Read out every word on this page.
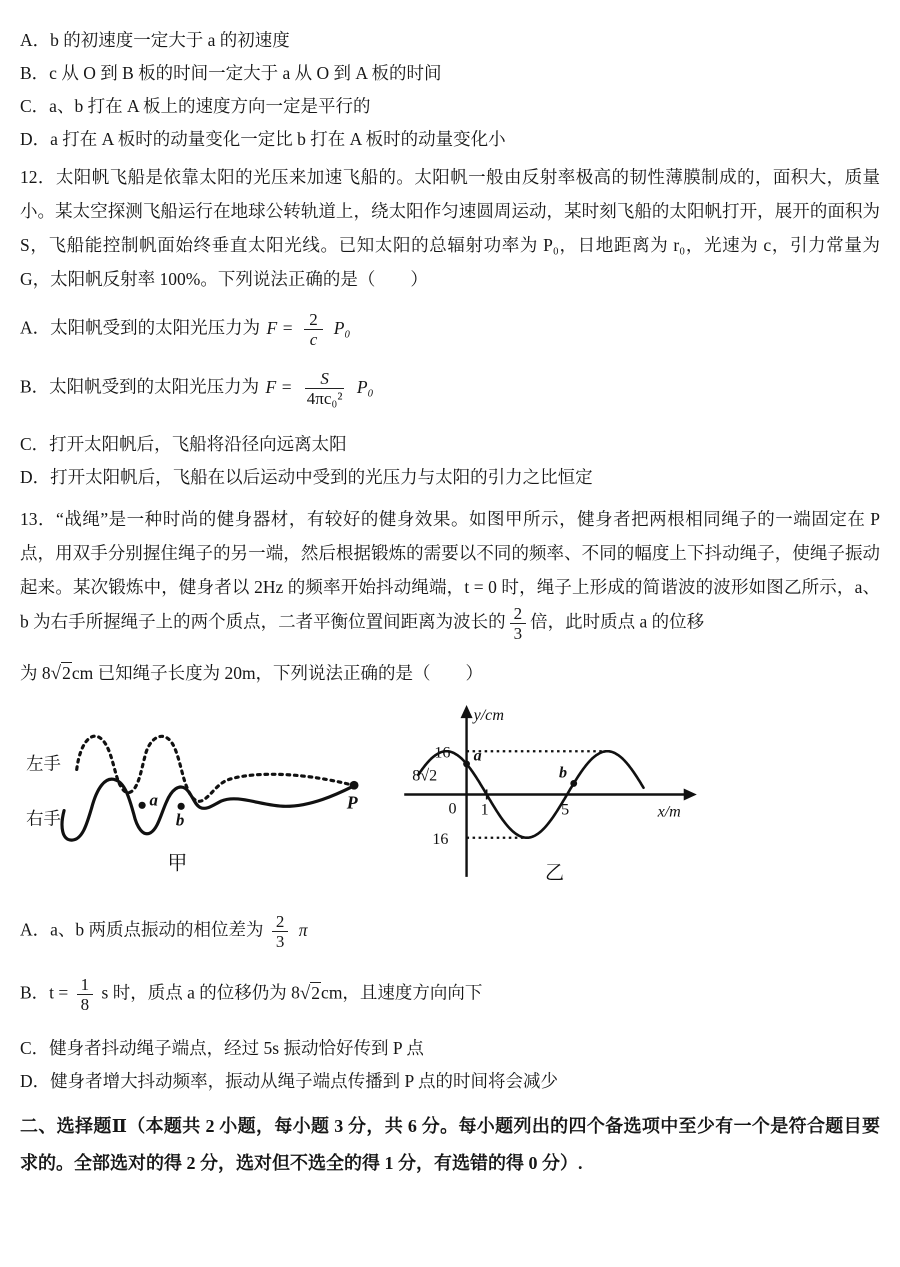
A．b 的初速度一定大于 a 的初速度

B．c 从 O 到 B 板的时间一定大于 a 从 O 到 A 板的时间

C．a、b 打在 A 板上的速度方向一定是平行的

D．a 打在 A 板时的动量变化一定比 b 打在 A 板时的动量变化小

12．太阳帆飞船是依靠太阳的光压来加速飞船的。太阳帆一般由反射率极高的韧性薄膜制成的，面积大，质量小。某太空探测飞船运行在地球公转轨道上，绕太阳作匀速圆周运动，某时刻飞船的太阳帆打开，展开的面积为 S，飞船能控制帆面始终垂直太阳光线。已知太阳的总辐射功率为 P₀，日地距离为 r₀，光速为 c，引力常量为 G，太阳帆反射率 100%。下列说法正确的是（　　）

A．太阳帆受到的太阳光压力为 $F = \frac{2}{c} P_0$

B．太阳帆受到的太阳光压力为 $F = \frac{S}{\text{4πc₀²}} P_0$

C．打开太阳帆后，飞船将沿径向远离太阳

D．打开太阳帆后，飞船在以后运动中受到的光压力与太阳的引力之比恒定

13．“战绳”是一种时尚的健身器材，有较好的健身效果。如图甲所示，健身者把两根相同绳子的一端固定在 P 点，用双手分别握住绳子的另一端，然后根据锻炼的需要以不同的频率、不同的幅度上下抖动绳子，使绳子振动起来。某次锻炼中，健身者以 2Hz 的频率开始抖动绳端，t = 0 时，绳子上形成的简谐波的波形如图乙所示，a、b 为右手所握绳子上的两个质点，二者平衡位置间距离为波长的 $\frac{2}{3}$ 倍，此时质点 a 的位移

为 8√2cm 已知绳子长度为 20m，下列说法正确的是（　　）

左手
右手
a
b
P
甲
y/cm
x/m
16
8√2
0 1	5
16
a
b
乙

A．a、b 两质点振动的相位差为 $\frac{2}{3}$ π

B．$t = \frac{1}{8}$ s 时，质点 a 的位移仍为 8√2cm，且速度方向向下

C．健身者抖动绳子端点，经过 5s 振动恰好传到 P 点

D．健身者增大抖动频率，振动从绳子端点传播到 P 点的时间将会减少

二、选择题Ⅱ（本题共 2 小题，每小题 3 分，共 6 分。每小题列出的四个备选项中至少有一个是符合题目要求的。全部选对的得 2 分，选对但不选全的得 1 分，有选错的得 0 分）.
